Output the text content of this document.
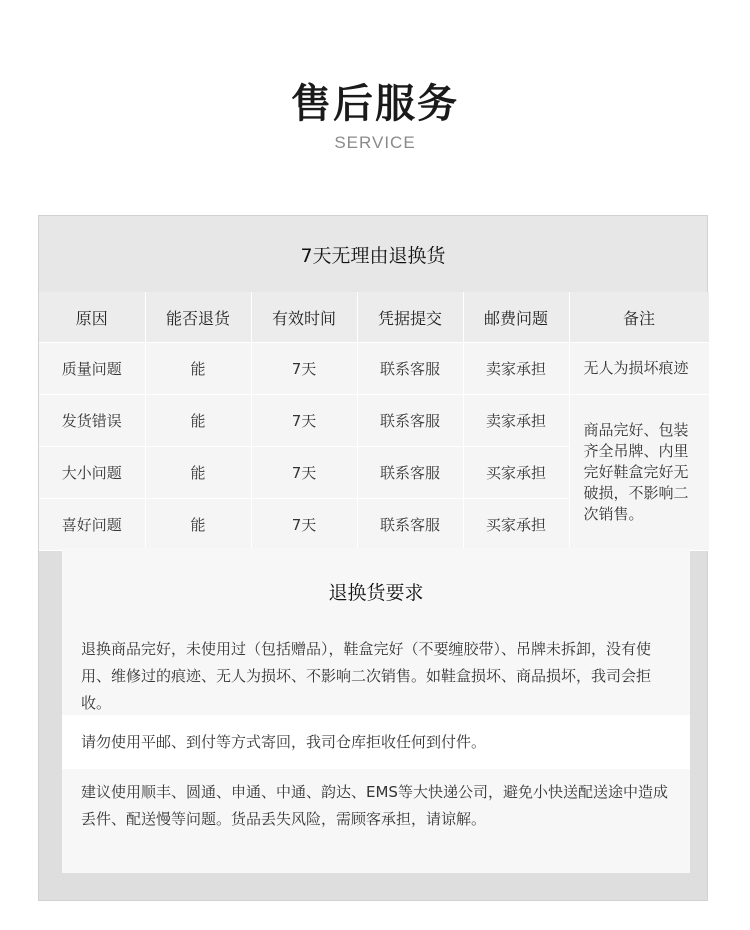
售后服务
SERVICE
7天无理由退换货
原因	能否退货	有效时间	凭据提交	邮费问题	备注
质量问题	能	7天	联系客服	卖家承担	无人为损坏痕迹
发货错误	能	7天	联系客服	卖家承担	商品完好、包装齐全吊牌、内里完好鞋盒完好无破损，不影响二次销售。
大小问题	能	7天	联系客服	买家承担	
喜好问题	能	7天	联系客服	买家承担	
退换货要求
退换商品完好，未使用过（包括赠品），鞋盒完好（不要缠胶带）、吊牌未拆卸，没有使用、维修过的痕迹、无人为损坏、不影响二次销售。如鞋盒损坏、商品损坏，我司会拒收。
请勿使用平邮、到付等方式寄回，我司仓库拒收任何到付件。
建议使用顺丰、圆通、申通、中通、韵达、EMS等大快递公司，避免小快送配送途中造成丢件、配送慢等问题。货品丢失风险，需顾客承担，请谅解。
